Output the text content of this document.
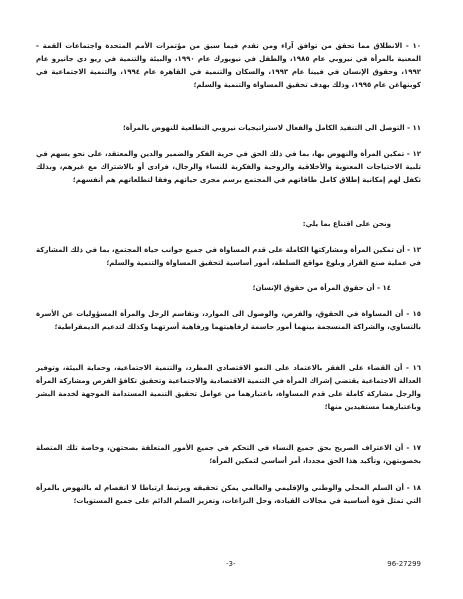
١٠ - الانطلاق مما تحقق من توافق آراء ومن تقدم فيما سبق من مؤتمرات الأمم المتحدة واجتماعات القمة - المعنية بالمرأة في نيروبي عام ١٩٨٥، والطفل في نيويورك عام ١٩٩٠، والبيئة والتنمية في ريو دي جانيرو عام ١٩٩٢، وحقوق الإنسان في فيينا عام ١٩٩٣، والسكان والتنمية في القاهرة عام ١٩٩٤، والتنمية الاجتماعية في كوبنهاغن عام ١٩٩٥، وذلك بهدف تحقيق المساواة والتنمية والسلم؛

١١ - التوصل الى التنفيذ الكامل والفعال لاستراتيجيات نيروبي التطلعية للنهوض بالمرأة؛

١٢ - تمكين المرأة والنهوض بها، بما في ذلك الحق في حرية الفكر والضمير والدين والمعتقد، على نحو يسهم في تلبية الاحتياجات المعنوية والأخلاقية والروحية والفكرية للنساء والرجال، فرادى أو بالاشتراك مع غيرهم، وبذلك تكفل لهم إمكانية إطلاق كامل طاقاتهم في المجتمع برسم مجرى حياتهم وفقا لتطلعاتهم هم أنفسهم؛

ونحن على اقتناع بما يلي:

١٣ - أن تمكين المرأة ومشاركتها الكاملة على قدم المساواة في جميع جوانب حياة المجتمع، بما في ذلك المشاركة في عملية صنع القرار وبلوغ مواقع السلطة، أمور أساسية لتحقيق المساواة والتنمية والسلم؛

١٤ - أن حقوق المرأة من حقوق الإنسان؛

١٥ - أن المساواة في الحقوق، والفرص، والوصول الى الموارد، وتقاسم الرجل والمرأة المسؤوليات عن الأسرة بالتساوي، والشراكة المنسجمة بينهما أمور حاسمة لرفاهيتهما ورفاهية أسرتهما وكذلك لتدعيم الديمقراطية؛

١٦ - أن القضاء على الفقر بالاعتماد على النمو الاقتصادي المطرد، والتنمية الاجتماعية، وحماية البيئة، وتوفير العدالة الاجتماعية يقتضي إشراك المرأة في التنمية الاقتصادية والاجتماعية وتحقيق تكافؤ الفرص ومشاركة المرأة والرجل مشاركة كاملة على قدم المساواة، باعتبارهما من عوامل تحقيق التنمية المستدامة الموجهة لخدمة البشر وباعتبارهما مستفيدين منها؛

١٧ - أن الاعتراف الصريح بحق جميع النساء في التحكم في جميع الأمور المتعلقة بصحتهن، وخاصة تلك المتصلة بخصوبتهن، وتأكيد هذا الحق مجددا، أمر أساسي لتمكين المرأة؛

١٨ - أن السلم المحلي والوطني والإقليمي والعالمي يمكن تحقيقه ويرتبط ارتباطا لا انفصام له بالنهوض بالمرأة التي تمثل قوة أساسية في مجالات القيادة، وحل النزاعات، وتعزيز السلم الدائم على جميع المستويات؛

-3-	96-27299
